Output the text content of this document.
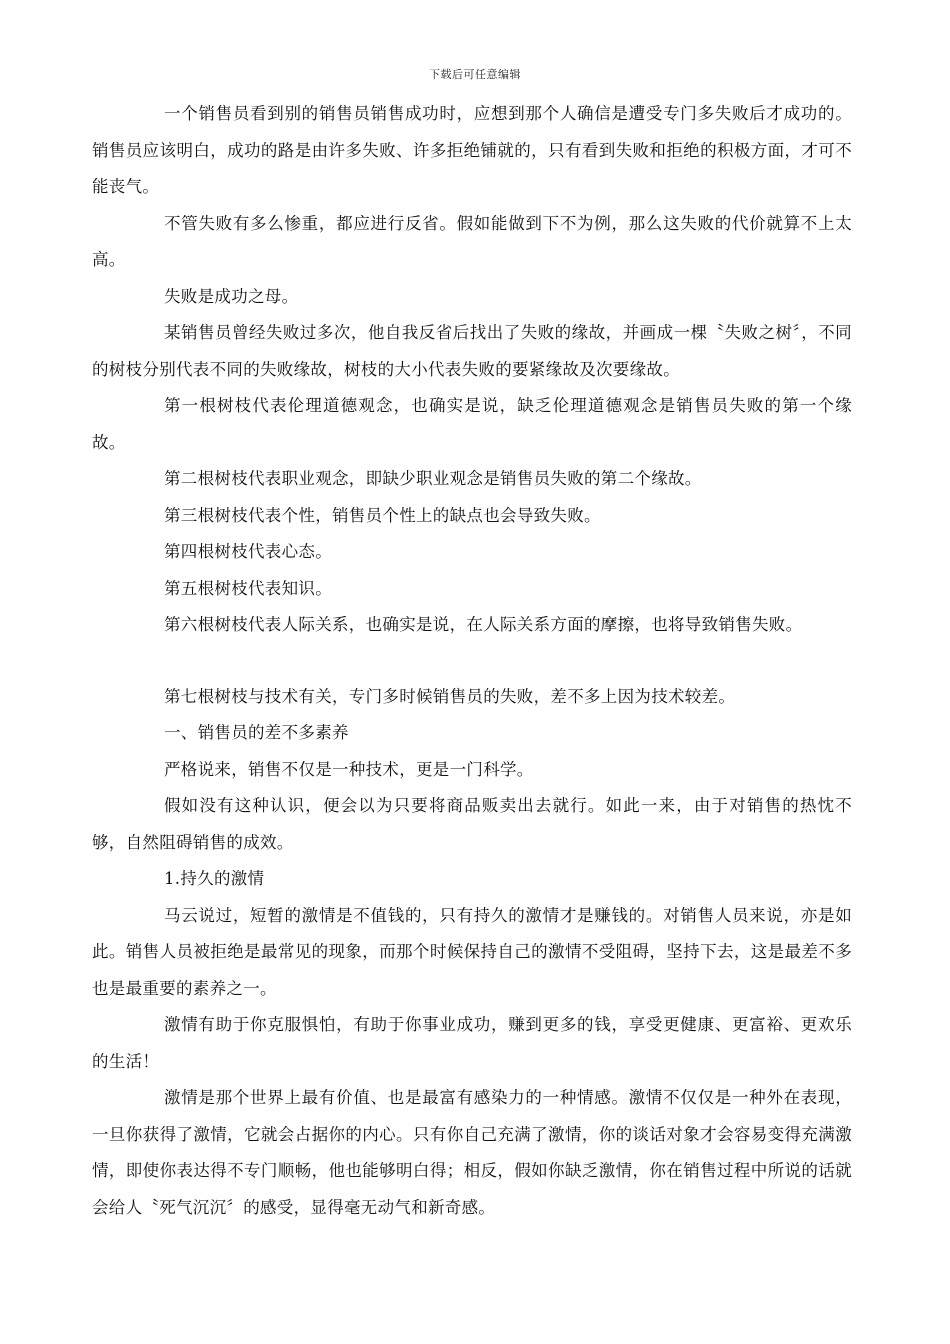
下载后可任意编辑

一个销售员看到别的销售员销售成功时，应想到那个人确信是遭受专门多失败后才成功的。销售员应该明白，成功的路是由许多失败、许多拒绝铺就的，只有看到失败和拒绝的积极方面，才可不能丧气。

不管失败有多么惨重，都应进行反省。假如能做到下不为例，那么这失败的代价就算不上太高。

失败是成功之母。

某销售员曾经失败过多次，他自我反省后找出了失败的缘故，并画成一棵〝失败之树〞，不同的树枝分别代表不同的失败缘故，树枝的大小代表失败的要紧缘故及次要缘故。

第一根树枝代表伦理道德观念，也确实是说，缺乏伦理道德观念是销售员失败的第一个缘故。

第二根树枝代表职业观念，即缺少职业观念是销售员失败的第二个缘故。

第三根树枝代表个性，销售员个性上的缺点也会导致失败。

第四根树枝代表心态。

第五根树枝代表知识。

第六根树枝代表人际关系，也确实是说，在人际关系方面的摩擦，也将导致销售失败。

第七根树枝与技术有关，专门多时候销售员的失败，差不多上因为技术较差。

一、销售员的差不多素养

严格说来，销售不仅是一种技术，更是一门科学。

假如没有这种认识，便会以为只要将商品贩卖出去就行。如此一来，由于对销售的热忱不够，自然阻碍销售的成效。

1.持久的激情

马云说过，短暂的激情是不值钱的，只有持久的激情才是赚钱的。对销售人员来说，亦是如此。销售人员被拒绝是最常见的现象，而那个时候保持自己的激情不受阻碍，坚持下去，这是最差不多也是最重要的素养之一。

激情有助于你克服惧怕，有助于你事业成功，赚到更多的钱，享受更健康、更富裕、更欢乐的生活！

激情是那个世界上最有价值、也是最富有感染力的一种情感。激情不仅仅是一种外在表现，一旦你获得了激情，它就会占据你的内心。只有你自己充满了激情，你的谈话对象才会容易变得充满激情，即使你表达得不专门顺畅，他也能够明白得；相反，假如你缺乏激情，你在销售过程中所说的话就会给人〝死气沉沉〞的感受，显得毫无动气和新奇感。
